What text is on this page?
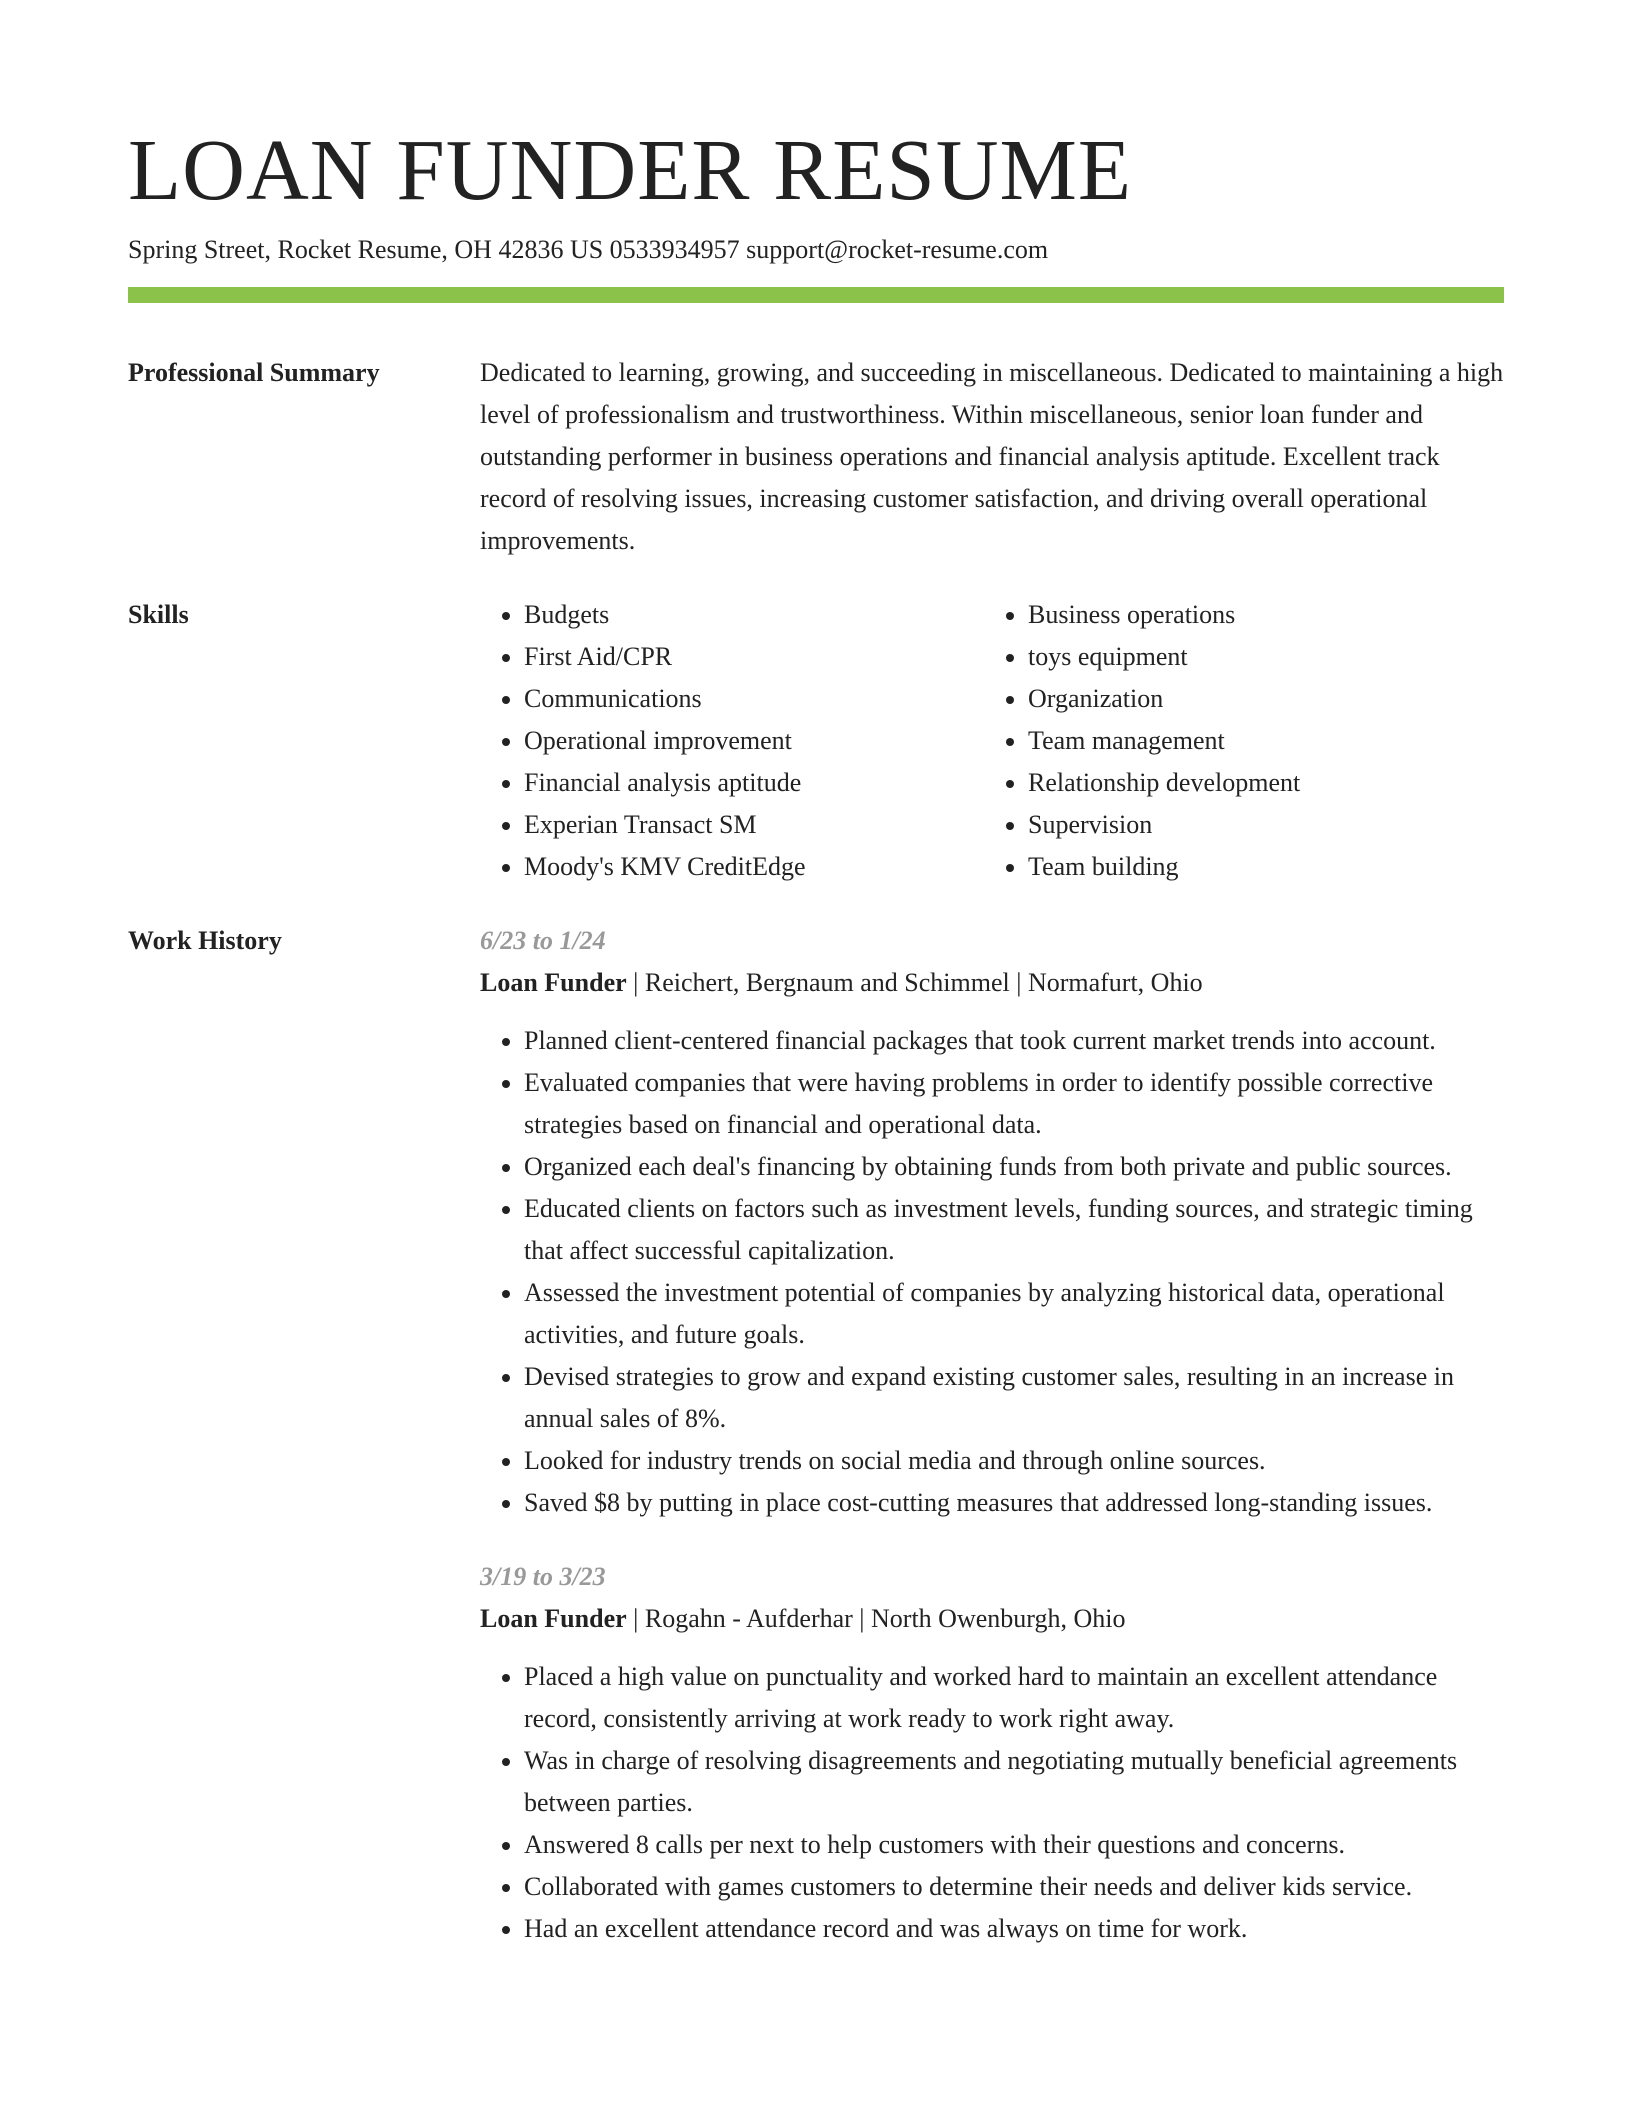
LOAN FUNDER RESUME
Spring Street, Rocket Resume, OH 42836 US 0533934957 support@rocket-resume.com
Professional Summary	Dedicated to learning, growing, and succeeding in miscellaneous. Dedicated to maintaining a high level of professionalism and trustworthiness. Within miscellaneous, senior loan funder and outstanding performer in business operations and financial analysis aptitude. Excellent track record of resolving issues, increasing customer satisfaction, and driving overall operational improvements.

Skills
•	Budgets
• First Aid/CPR
• Communications
• Operational improvement
• Financial analysis aptitude
• Experian Transact SM
• Moody's KMV CreditEdge
• Business operations
• toys equipment
• Organization
• Team management
• Relationship development
• Supervision
• Team building
Work History	6/23 to 1/24
Loan Funder | Reichert, Bergnaum and Schimmel | Normafurt, Ohio
• Planned client-centered financial packages that took current market trends into account.
• Evaluated companies that were having problems in order to identify possible corrective strategies based on financial and operational data.
• Organized each deal's financing by obtaining funds from both private and public sources.
• Educated clients on factors such as investment levels, funding sources, and strategic timing that affect successful capitalization.
• Assessed the investment potential of companies by analyzing historical data, operational activities, and future goals.
• Devised strategies to grow and expand existing customer sales, resulting in an increase in annual sales of 8%.
• Looked for industry trends on social media and through online sources.
• Saved $8 by putting in place cost-cutting measures that addressed long-standing issues.
3/19 to 3/23
Loan Funder | Rogahn - Aufderhar | North Owenburgh, Ohio
• Placed a high value on punctuality and worked hard to maintain an excellent attendance record, consistently arriving at work ready to work right away.
• Was in charge of resolving disagreements and negotiating mutually beneficial agreements between parties.
• Answered 8 calls per next to help customers with their questions and concerns.
• Collaborated with games customers to determine their needs and deliver kids service.
• Had an excellent attendance record and was always on time for work.
